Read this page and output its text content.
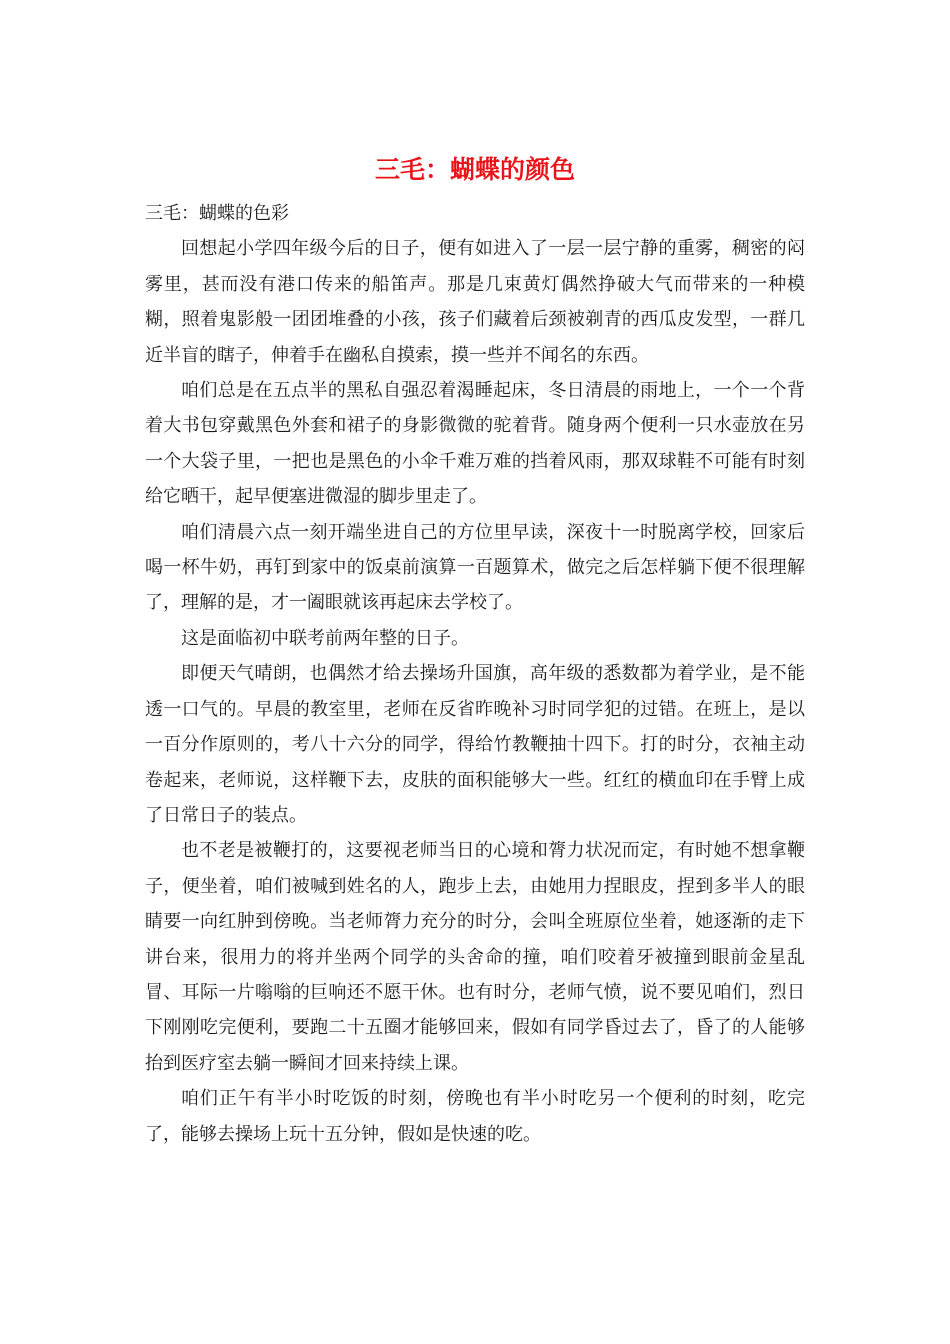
三毛：蝴蝶的颜色

三毛：蝴蝶的色彩

回想起小学四年级今后的日子，便有如进入了一层一层宁静的重雾，稠密的闷雾里，甚而没有港口传来的船笛声。那是几束黄灯偶然挣破大气而带来的一种模糊，照着鬼影般一团团堆叠的小孩，孩子们藏着后颈被剃青的西瓜皮发型，一群几近半盲的瞎子，伸着手在幽私自摸索，摸一些并不闻名的东西。

咱们总是在五点半的黑私自强忍着渴睡起床，冬日清晨的雨地上，一个一个背着大书包穿戴黑色外套和裙子的身影微微的驼着背。随身两个便利一只水壶放在另一个大袋子里，一把也是黑色的小伞千难万难的挡着风雨，那双球鞋不可能有时刻给它晒干，起早便塞进微湿的脚步里走了。

咱们清晨六点一刻开端坐进自己的方位里早读，深夜十一时脱离学校，回家后喝一杯牛奶，再钉到家中的饭桌前演算一百题算术，做完之后怎样躺下便不很理解了，理解的是，才一阖眼就该再起床去学校了。

这是面临初中联考前两年整的日子。

即便天气晴朗，也偶然才给去操场升国旗，高年级的悉数都为着学业，是不能透一口气的。早晨的教室里，老师在反省昨晚补习时同学犯的过错。在班上，是以一百分作原则的，考八十六分的同学，得给竹教鞭抽十四下。打的时分，衣袖主动卷起来，老师说，这样鞭下去，皮肤的面积能够大一些。红红的横血印在手臂上成了日常日子的装点。

也不老是被鞭打的，这要视老师当日的心境和膂力状况而定，有时她不想拿鞭子，便坐着，咱们被喊到姓名的人，跑步上去，由她用力捏眼皮，捏到多半人的眼睛要一向红肿到傍晚。当老师膂力充分的时分，会叫全班原位坐着，她逐渐的走下讲台来，很用力的将并坐两个同学的头舍命的撞，咱们咬着牙被撞到眼前金星乱冒、耳际一片嗡嗡的巨响还不愿干休。也有时分，老师气愤，说不要见咱们，烈日下刚刚吃完便利，要跑二十五圈才能够回来，假如有同学昏过去了，昏了的人能够抬到医疗室去躺一瞬间才回来持续上课。

咱们正午有半小时吃饭的时刻，傍晚也有半小时吃另一个便利的时刻，吃完了，能够去操场上玩十五分钟，假如是快速的吃。
